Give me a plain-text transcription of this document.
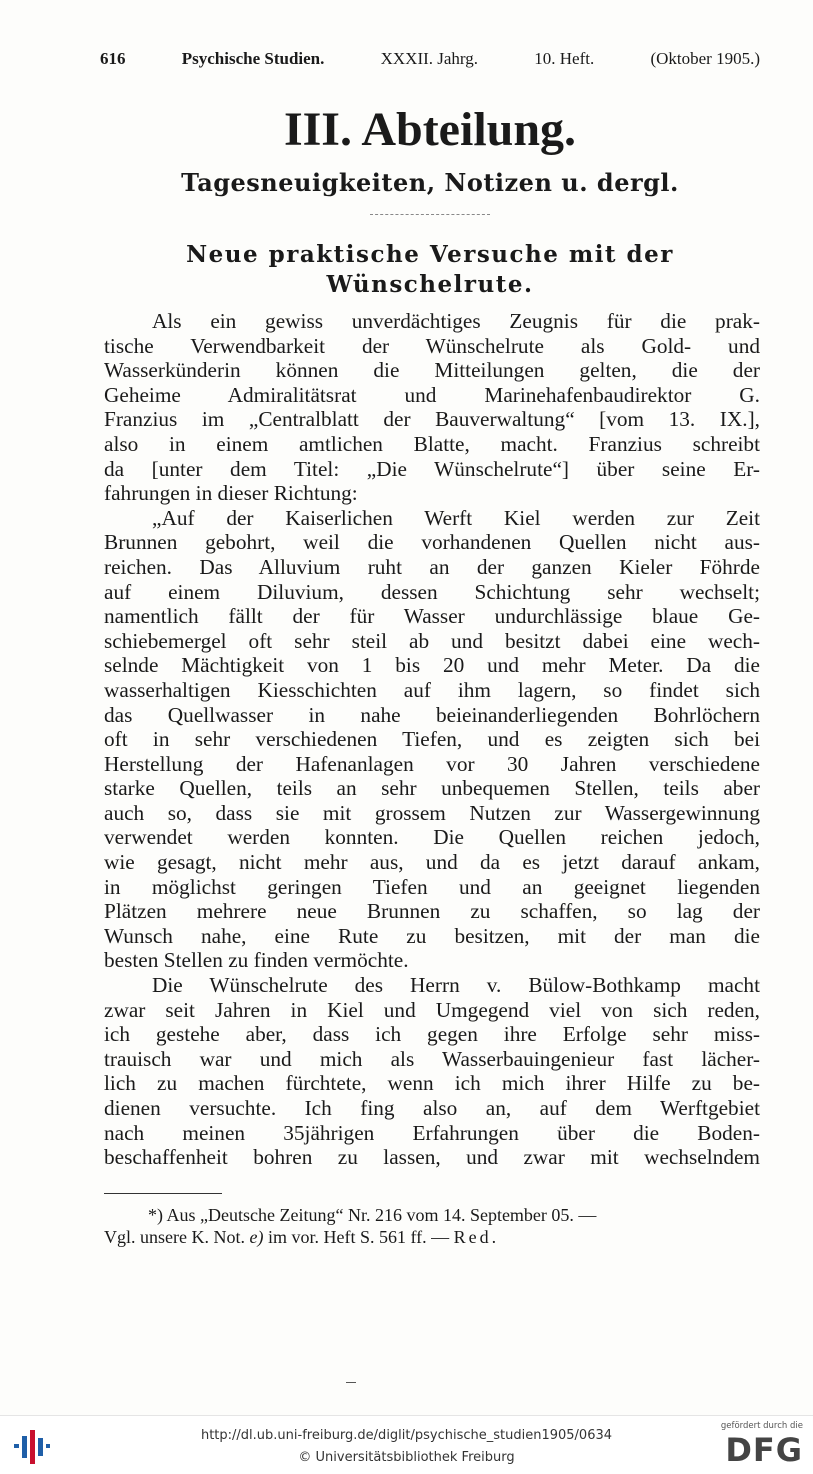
616	Psychische Studien.	XXXII. Jahrg.	10. Heft.	(Oktober 1905.)
III. Abteilung.
Tagesneuigkeiten, Notizen u. dergl.
Neue praktische Versuche mit der
Wünschelrute.
Als ein gewiss unverdächtiges Zeugnis für die prak-
tische Verwendbarkeit der Wünschelrute als Gold- und
Wasserkünderin können die Mitteilungen gelten, die der
Geheime Admiralitätsrat und Marinehafenbaudirektor G.
Franzius im „Centralblatt der Bauverwaltung“ [vom 13. IX.],
also in einem amtlichen Blatte, macht. Franzius schreibt
da [unter dem Titel: „Die Wünschelrute“] über seine Er-
fahrungen in dieser Richtung:
„Auf der Kaiserlichen Werft Kiel werden zur Zeit
Brunnen gebohrt, weil die vorhandenen Quellen nicht aus-
reichen. Das Alluvium ruht an der ganzen Kieler Föhrde
auf einem Diluvium, dessen Schichtung sehr wechselt;
namentlich fällt der für Wasser undurchlässige blaue Ge-
schiebemergel oft sehr steil ab und besitzt dabei eine wech-
selnde Mächtigkeit von 1 bis 20 und mehr Meter. Da die
wasserhaltigen Kiesschichten auf ihm lagern, so findet sich
das Quellwasser in nahe beieinanderliegenden Bohrlöchern
oft in sehr verschiedenen Tiefen, und es zeigten sich bei
Herstellung der Hafenanlagen vor 30 Jahren verschiedene
starke Quellen, teils an sehr unbequemen Stellen, teils aber
auch so, dass sie mit grossem Nutzen zur Wassergewinnung
verwendet werden konnten. Die Quellen reichen jedoch,
wie gesagt, nicht mehr aus, und da es jetzt darauf ankam,
in möglichst geringen Tiefen und an geeignet liegenden
Plätzen mehrere neue Brunnen zu schaffen, so lag der
Wunsch nahe, eine Rute zu besitzen, mit der man die
besten Stellen zu finden vermöchte.
Die Wünschelrute des Herrn v. Bülow-Bothkamp macht
zwar seit Jahren in Kiel und Umgegend viel von sich reden,
ich gestehe aber, dass ich gegen ihre Erfolge sehr miss-
trauisch war und mich als Wasserbauingenieur fast lächer-
lich zu machen fürchtete, wenn ich mich ihrer Hilfe zu be-
dienen versuchte. Ich fing also an, auf dem Werftgebiet
nach meinen 35jährigen Erfahrungen über die Boden-
beschaffenheit bohren zu lassen, und zwar mit wechselndem
*) Aus „Deutsche Zeitung“ Nr. 216 vom 14. September 05. —
Vgl. unsere K. Not. e) im vor. Heft S. 561 ff. — Red.
http://dl.ub.uni-freiburg.de/diglit/psychische_studien1905/0634
© Universitätsbibliothek Freiburg
gefördert durch die
DFG
